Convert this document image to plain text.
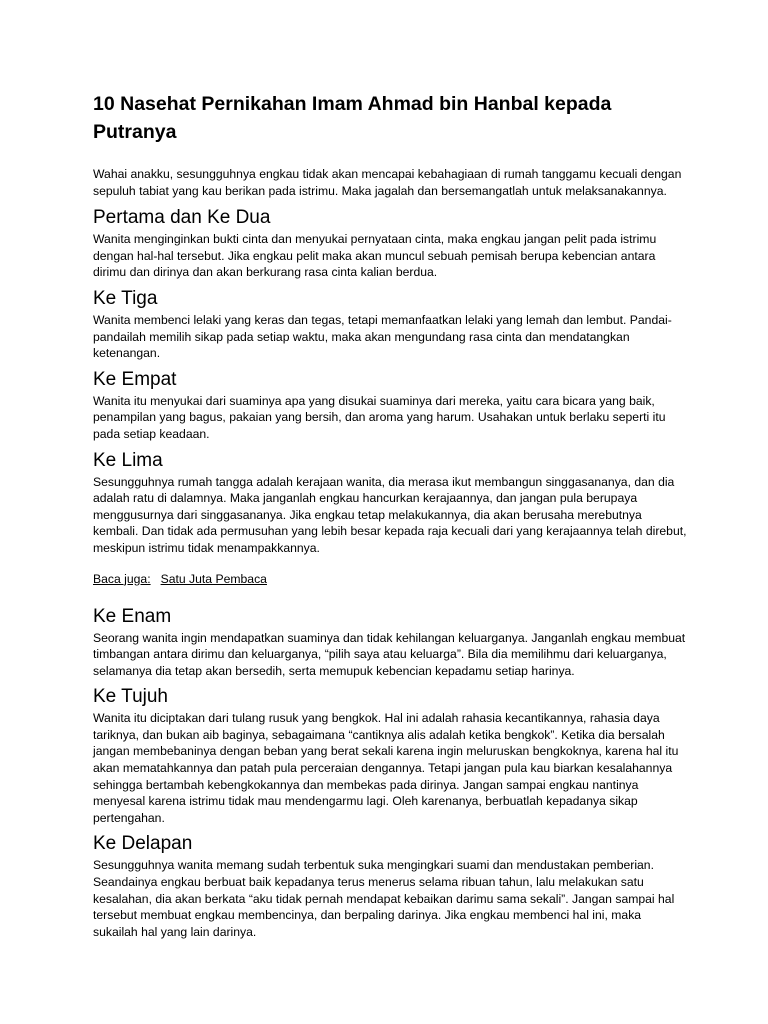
10 Nasehat Pernikahan Imam Ahmad bin Hanbal kepada Putranya

Wahai anakku, sesungguhnya engkau tidak akan mencapai kebahagiaan di rumah tanggamu kecuali dengan sepuluh tabiat yang kau berikan pada istrimu. Maka jagalah dan bersemangatlah untuk melaksanakannya.

Pertama dan Ke Dua

Wanita menginginkan bukti cinta dan menyukai pernyataan cinta, maka engkau jangan pelit pada istrimu dengan hal-hal tersebut. Jika engkau pelit maka akan muncul sebuah pemisah berupa kebencian antara dirimu dan dirinya dan akan berkurang rasa cinta kalian berdua.

Ke Tiga

Wanita membenci lelaki yang keras dan tegas, tetapi memanfaatkan lelaki yang lemah dan lembut. Pandai-pandailah memilih sikap pada setiap waktu, maka akan mengundang rasa cinta dan mendatangkan ketenangan.

Ke Empat

Wanita itu menyukai dari suaminya apa yang disukai suaminya dari mereka, yaitu cara bicara yang baik, penampilan yang bagus, pakaian yang bersih, dan aroma yang harum. Usahakan untuk berlaku seperti itu pada setiap keadaan.

Ke Lima

Sesungguhnya rumah tangga adalah kerajaan wanita, dia merasa ikut membangun singgasananya, dan dia adalah ratu di dalamnya. Maka janganlah engkau hancurkan kerajaannya, dan jangan pula berupaya menggusurnya dari singgasananya. Jika engkau tetap melakukannya, dia akan berusaha merebutnya kembali. Dan tidak ada permusuhan yang lebih besar kepada raja kecuali dari yang kerajaannya telah direbut, meskipun istrimu tidak menampakkannya.

Baca juga: Satu Juta Pembaca
Ke Enam

Seorang wanita ingin mendapatkan suaminya dan tidak kehilangan keluarganya. Janganlah engkau membuat timbangan antara dirimu dan keluarganya, “pilih saya atau keluarga”. Bila dia memilihmu dari keluarganya, selamanya dia tetap akan bersedih, serta memupuk kebencian kepadamu setiap harinya.

Ke Tujuh

Wanita itu diciptakan dari tulang rusuk yang bengkok. Hal ini adalah rahasia kecantikannya, rahasia daya tariknya, dan bukan aib baginya, sebagaimana “cantiknya alis adalah ketika bengkok”. Ketika dia bersalah jangan membebaninya dengan beban yang berat sekali karena ingin meluruskan bengkoknya, karena hal itu akan mematahkannya dan patah pula perceraian dengannya. Tetapi jangan pula kau biarkan kesalahannya sehingga bertambah kebengkokannya dan membekas pada dirinya. Jangan sampai engkau nantinya menyesal karena istrimu tidak mau mendengarmu lagi. Oleh karenanya, berbuatlah kepadanya sikap pertengahan.

Ke Delapan

Sesungguhnya wanita memang sudah terbentuk suka mengingkari suami dan mendustakan pemberian. Seandainya engkau berbuat baik kepadanya terus menerus selama ribuan tahun, lalu melakukan satu kesalahan, dia akan berkata “aku tidak pernah mendapat kebaikan darimu sama sekali”. Jangan sampai hal tersebut membuat engkau membencinya, dan berpaling darinya. Jika engkau membenci hal ini, maka sukailah hal yang lain darinya.
